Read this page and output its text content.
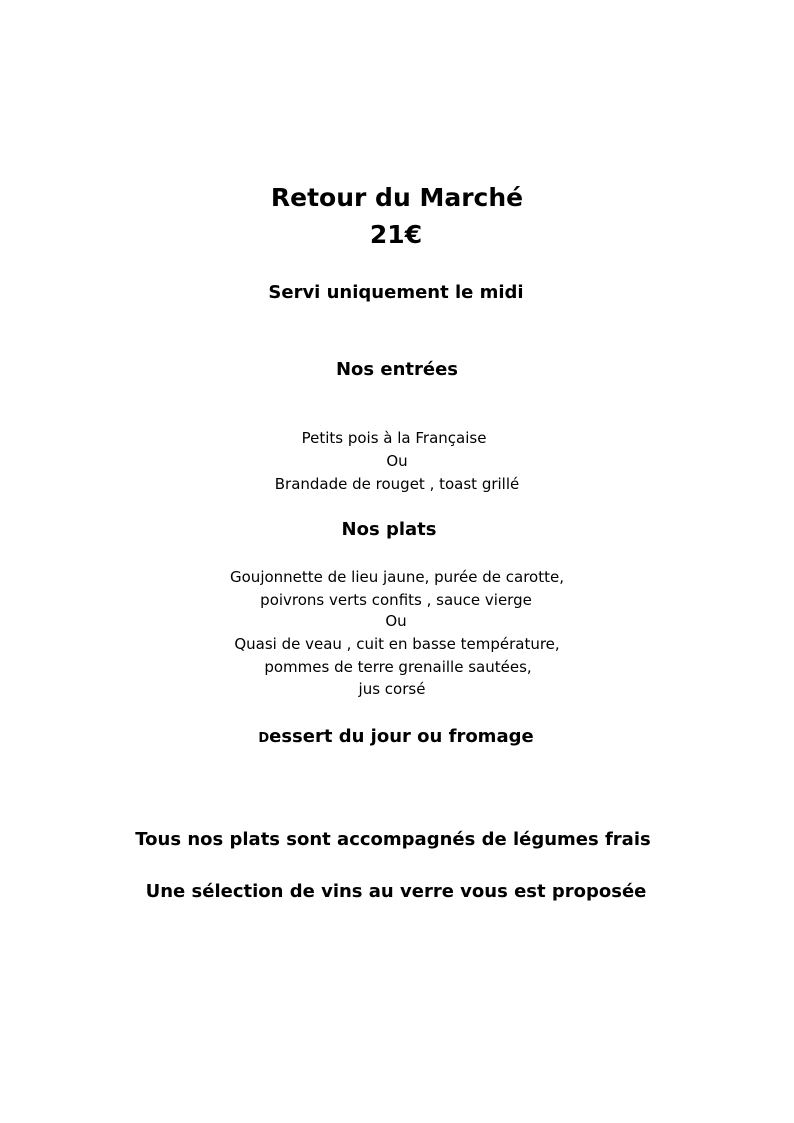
Retour du Marché
21€
Servi uniquement le midi
Nos entrées
Petits pois à la Française
Ou
Brandade de rouget , toast grillé
Nos plats
Goujonnette de lieu jaune, purée de carotte,
poivrons verts confits , sauce vierge
Ou
Quasi de veau , cuit en basse température,
pommes de terre grenaille sautées,
jus corsé
Dessert du jour ou fromage
Tous nos plats sont accompagnés de légumes frais
Une sélection de vins au verre vous est proposée
